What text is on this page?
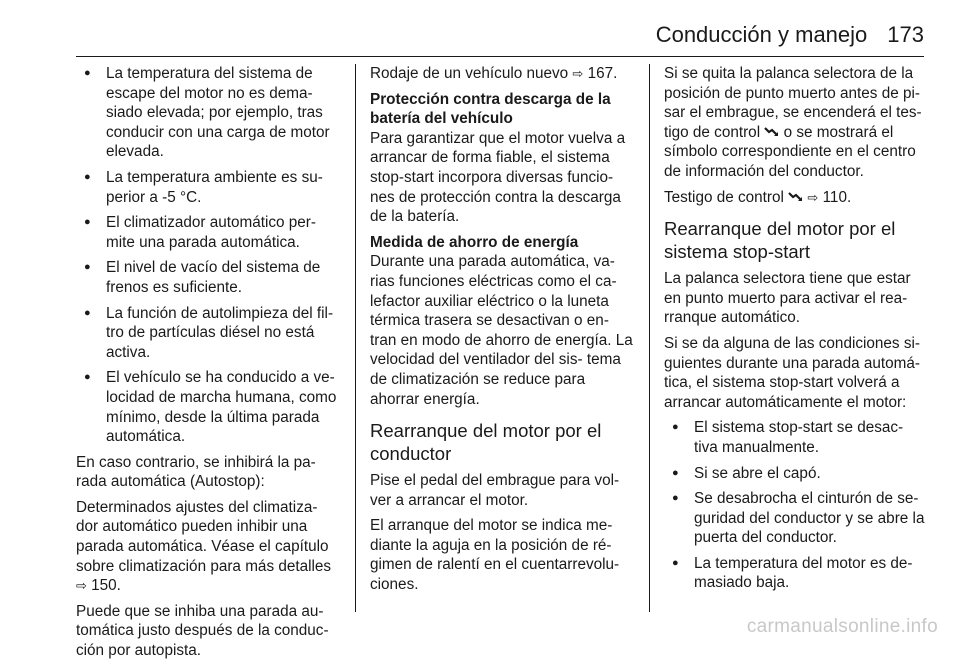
Conducción y manejo 173
● La temperatura del sistema de escape del motor no es dema- siado elevada; por ejemplo, tras conducir con una carga de motor elevada.
● La temperatura ambiente es su- perior a -5 °C.
● El climatizador automático per- mite una parada automática.
● El nivel de vacío del sistema de frenos es suficiente.
● La función de autolimpieza del fil- tro de partículas diésel no está activa.
● El vehículo se ha conducido a ve- locidad de marcha humana, como mínimo, desde la última parada automática.

En caso contrario, se inhibirá la pa- rada automática (Autostop):

Determinados ajustes del climatiza- dor automático pueden inhibir una parada automática. Véase el capítulo sobre climatización para más detalles
⇨ 150.

Puede que se inhiba una parada au- tomática justo después de la conduc- ción por autopista.

Rodaje de un vehículo nuevo ⇨ 167.

Protección contra descarga de la batería del vehículo

Para garantizar que el motor vuelva a arrancar de forma fiable, el sistema stop-start incorpora diversas funcio- nes de protección contra la descarga de la batería.

Medida de ahorro de energía

Durante una parada automática, va- rias funciones eléctricas como el ca- lefactor auxiliar eléctrico o la luneta térmica trasera se desactivan o en- tran en modo de ahorro de energía. La velocidad del ventilador del sis- tema de climatización se reduce para ahorrar energía.

Rearranque del motor por el conductor

Pise el pedal del embrague para vol- ver a arrancar el motor.

El arranque del motor se indica me- diante la aguja en la posición de ré- gimen de ralentí en el cuentarrevolu- ciones.

Si se quita la palanca selectora de la posición de punto muerto antes de pi- sar el embrague, se encenderá el tes- tigo de control o se mostrará el símbolo correspondiente en el centro de información del conductor.

Testigo de control ⇨ 110.

Rearranque del motor por el sistema stop-start

La palanca selectora tiene que estar en punto muerto para activar el rea- rranque automático.

Si se da alguna de las condiciones si- guientes durante una parada automá- tica, el sistema stop-start volverá a arrancar automáticamente el motor:

● El sistema stop-start se desac- tiva manualmente.
● Si se abre el capó.
● Se desabrocha el cinturón de se- guridad del conductor y se abre la puerta del conductor.
● La temperatura del motor es de- masiado baja.
carmanualsonline.info
